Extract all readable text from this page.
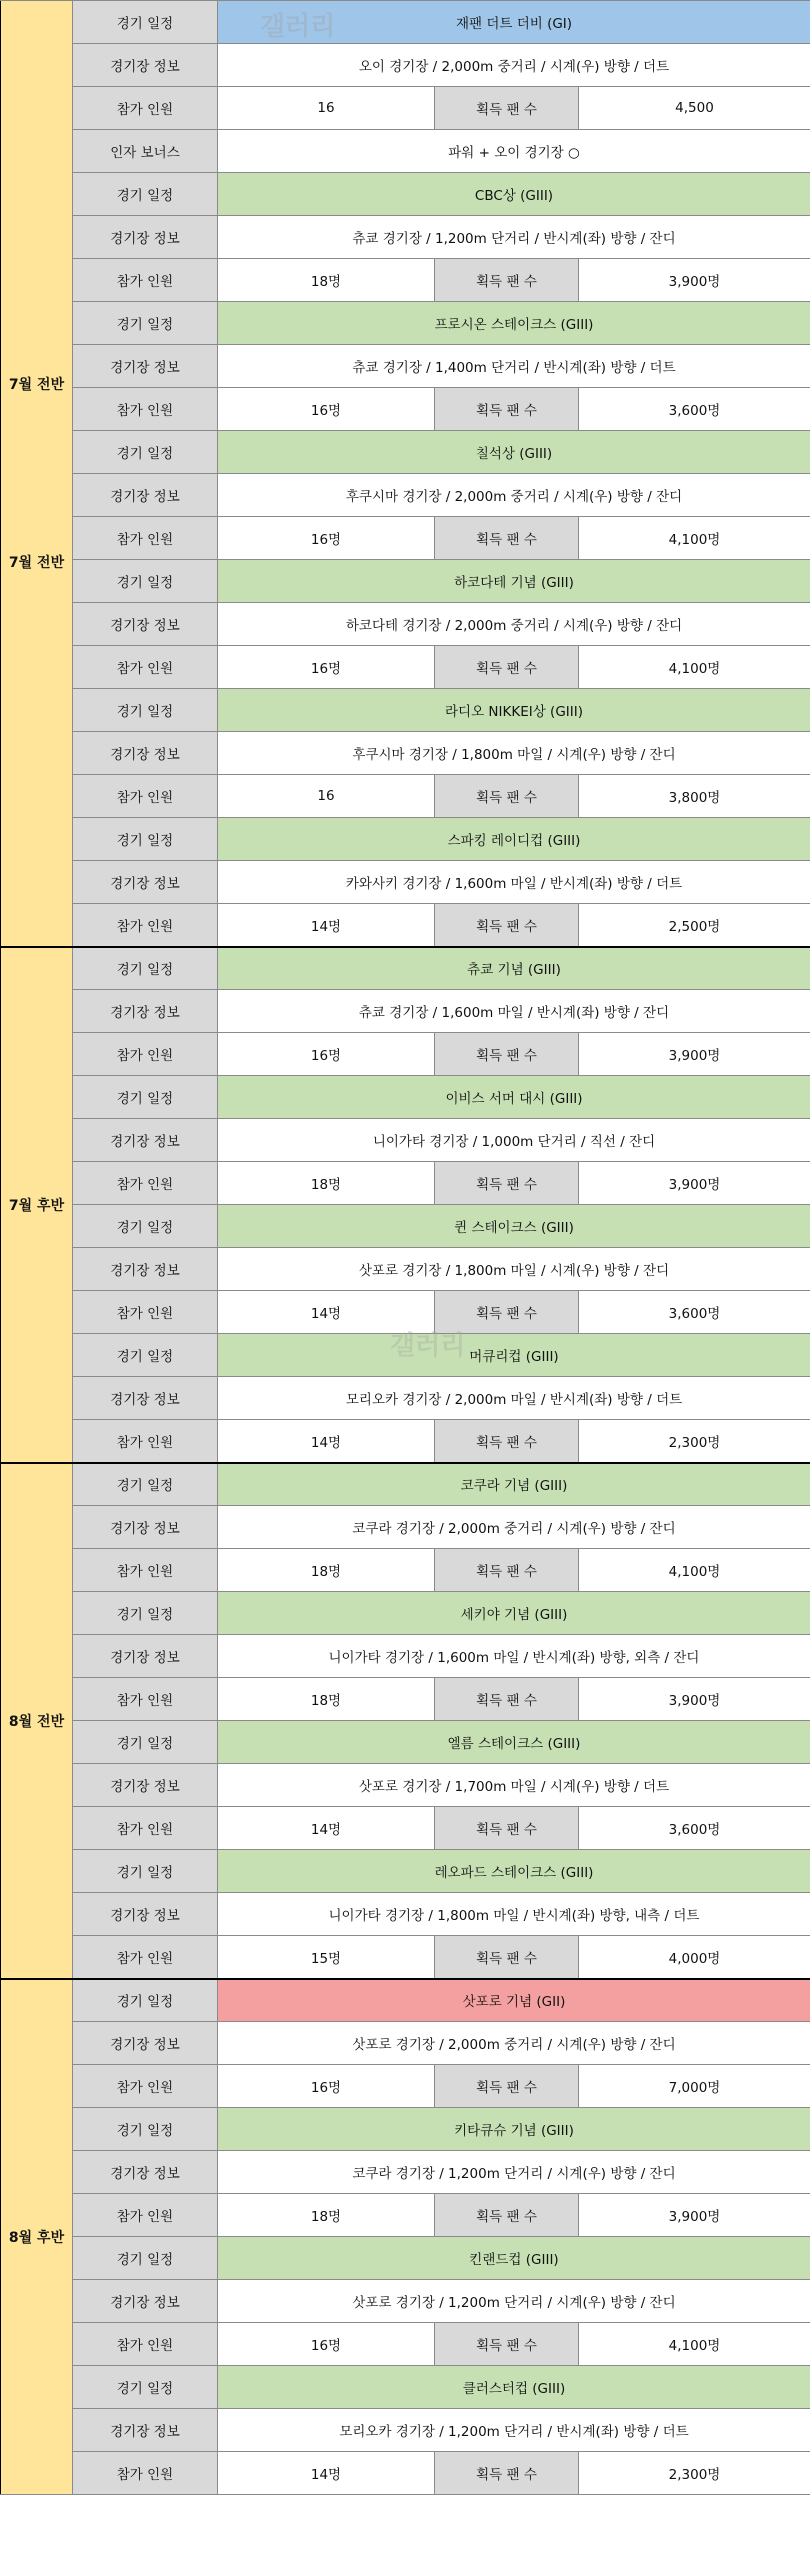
7월 전반
7월 전반	경기 일정	재팬 더트 더비 (GI)		
	경기장 정보	오이 경기장 / 2,000m 중거리 / 시계(우) 방향 / 더트		
	참가 인원	16	획득 팬 수	4,500
	인자 보너스	파워 + 오이 경기장 ○		
	경기 일정	CBC상 (GIII)		
	경기장 정보	츄쿄 경기장 / 1,200m 단거리 / 반시계(좌) 방향 / 잔디		
	참가 인원	18명	획득 팬 수	3,900명
	경기 일정	프로시온 스테이크스 (GIII)		
	경기장 정보	츄쿄 경기장 / 1,400m 단거리 / 반시계(좌) 방향 / 더트		
	참가 인원	16명	획득 팬 수	3,600명
	경기 일정	칠석상 (GIII)		
	경기장 정보	후쿠시마 경기장 / 2,000m 중거리 / 시계(우) 방향 / 잔디		
	참가 인원	16명	획득 팬 수	4,100명
	경기 일정	하코다테 기념 (GIII)		
	경기장 정보	하코다테 경기장 / 2,000m 중거리 / 시계(우) 방향 / 잔디		
	참가 인원	16명	획득 팬 수	4,100명
	경기 일정	라디오 NIKKEI상 (GIII)		
	경기장 정보	후쿠시마 경기장 / 1,800m 마일 / 시계(우) 방향 / 잔디		
	참가 인원	16	획득 팬 수	3,800명
	경기 일정	스파킹 레이디컵 (GIII)		
	경기장 정보	카와사키 경기장 / 1,600m 마일 / 반시계(좌) 방향 / 더트		
	참가 인원	14명	획득 팬 수	2,500명
7월 후반	경기 일정	츄쿄 기념 (GIII)		
	경기장 정보	츄쿄 경기장 / 1,600m 마일 / 반시계(좌) 방향 / 잔디		
	참가 인원	16명	획득 팬 수	3,900명
	경기 일정	이비스 서머 대시 (GIII)		
	경기장 정보	니이가타 경기장 / 1,000m 단거리 / 직선 / 잔디		
	참가 인원	18명	획득 팬 수	3,900명
	경기 일정	퀸 스테이크스 (GIII)		
	경기장 정보	삿포로 경기장 / 1,800m 마일 / 시계(우) 방향 / 잔디		
	참가 인원	14명	획득 팬 수	3,600명
	경기 일정	머큐리컵 (GIII)		
	경기장 정보	모리오카 경기장 / 2,000m 마일 / 반시계(좌) 방향 / 더트		
	참가 인원	14명	획득 팬 수	2,300명
8월 전반	경기 일정	코쿠라 기념 (GIII)		
	경기장 정보	코쿠라 경기장 / 2,000m 중거리 / 시계(우) 방향 / 잔디		
	참가 인원	18명	획득 팬 수	4,100명
	경기 일정	세키야 기념 (GIII)		
	경기장 정보	니이가타 경기장 / 1,600m 마일 / 반시계(좌) 방향, 외측 / 잔디		
	참가 인원	18명	획득 팬 수	3,900명
	경기 일정	엘름 스테이크스 (GIII)		
	경기장 정보	삿포로 경기장 / 1,700m 마일 / 시계(우) 방향 / 더트		
	참가 인원	14명	획득 팬 수	3,600명
	경기 일정	레오파드 스테이크스 (GIII)		
	경기장 정보	니이가타 경기장 / 1,800m 마일 / 반시계(좌) 방향, 내측 / 더트		
	참가 인원	15명	획득 팬 수	4,000명
8월 후반	경기 일정	삿포로 기념 (GII)		
	경기장 정보	삿포로 경기장 / 2,000m 중거리 / 시계(우) 방향 / 잔디		
	참가 인원	16명	획득 팬 수	7,000명
	경기 일정	키타큐슈 기념 (GIII)		
	경기장 정보	코쿠라 경기장 / 1,200m 단거리 / 시계(우) 방향 / 잔디		
	참가 인원	18명	획득 팬 수	3,900명
	경기 일정	킨랜드컵 (GIII)		
	경기장 정보	삿포로 경기장 / 1,200m 단거리 / 시계(우) 방향 / 잔디		
	참가 인원	16명	획득 팬 수	4,100명
	경기 일정	클러스터컵 (GIII)		
	경기장 정보	모리오카 경기장 / 1,200m 단거리 / 반시계(좌) 방향 / 더트		
	참가 인원	14명	획득 팬 수	2,300명
갤러리
갤러리
